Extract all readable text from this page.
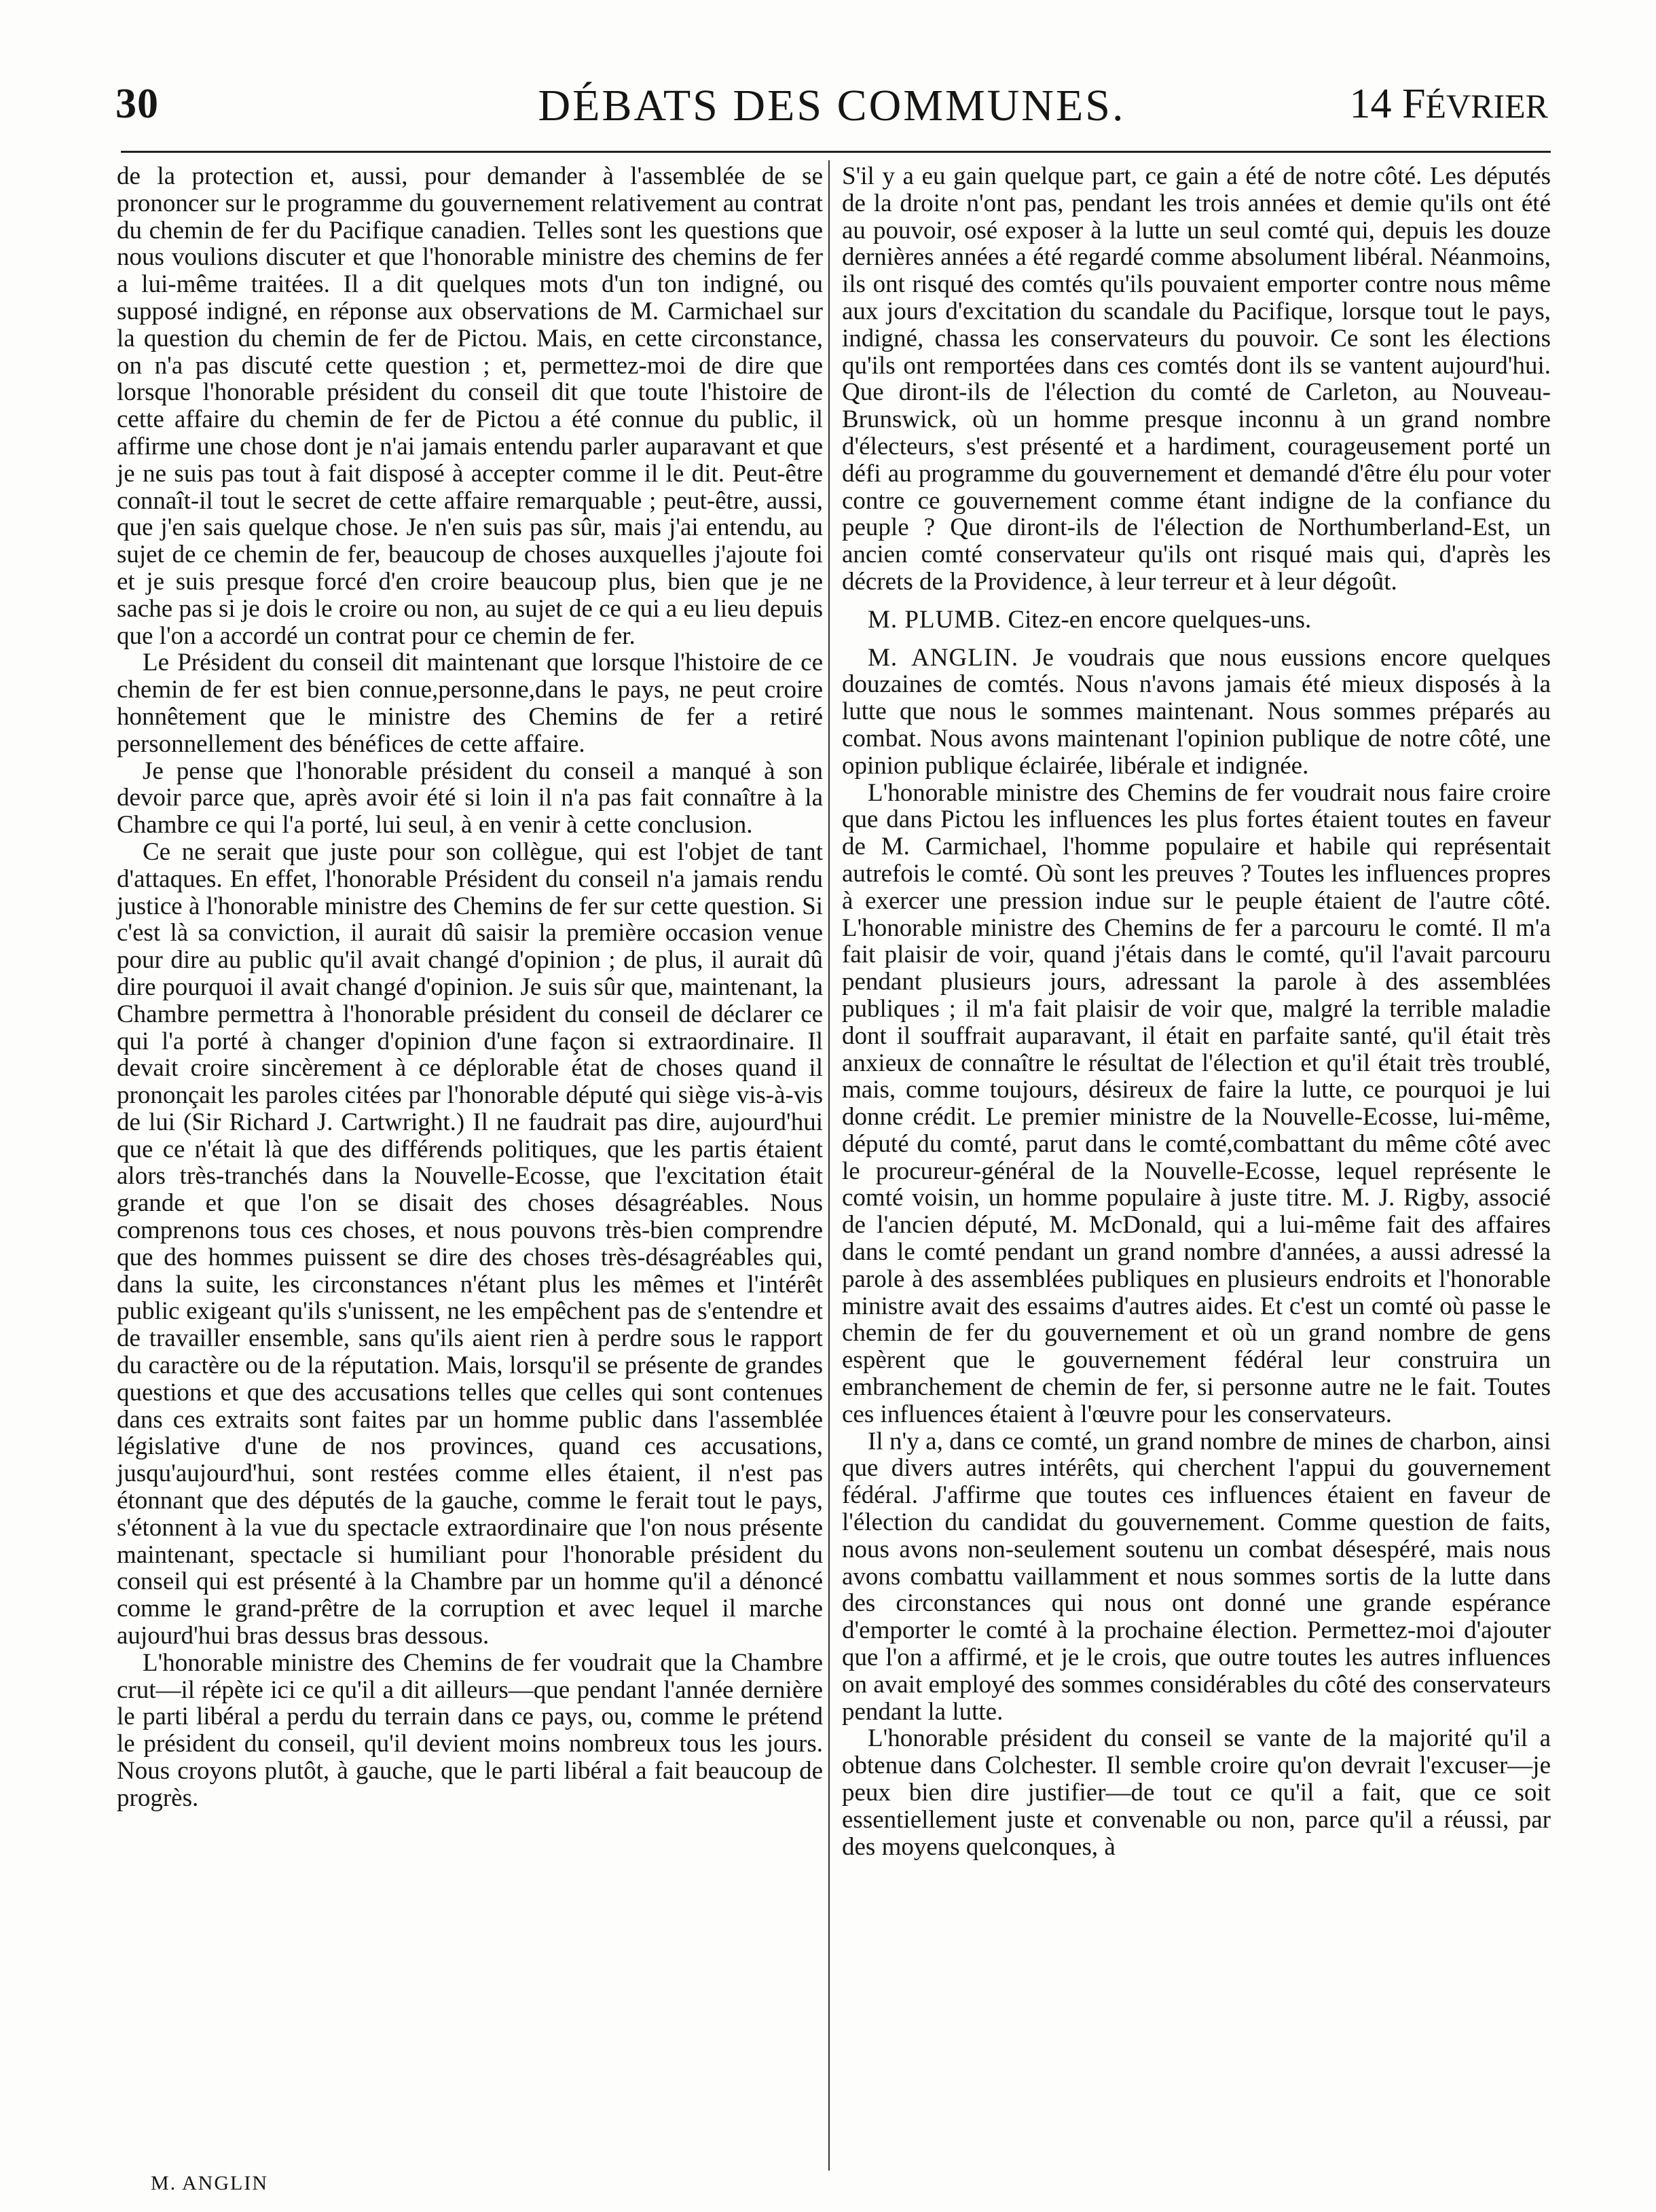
30	DÉBATS DES COMMUNES.	14 FÉVRIER

de la protection et, aussi, pour demander à l'assemblée de se prononcer sur le programme du gouvernement relativement au contrat du chemin de fer du Pacifique canadien. Telles sont les questions que nous voulions discuter et que l'honorable ministre des chemins de fer a lui-même traitées. Il a dit quelques mots d'un ton indigné, ou supposé indigné, en réponse aux observations de M. Carmichael sur la question du chemin de fer de Pictou. Mais, en cette circonstance, on n'a pas discuté cette question ; et, permettez-moi de dire que lorsque l'honorable président du conseil dit que toute l'histoire de cette affaire du chemin de fer de Pictou a été connue du public, il affirme une chose dont je n'ai jamais entendu parler auparavant et que je ne suis pas tout à fait disposé à accepter comme il le dit. Peut-être connaît-il tout le secret de cette affaire remarquable ; peut-être, aussi, que j'en sais quelque chose. Je n'en suis pas sûr, mais j'ai entendu, au sujet de ce chemin de fer, beaucoup de choses auxquelles j'ajoute foi et je suis presque forcé d'en croire beaucoup plus, bien que je ne sache pas si je dois le croire ou non, au sujet de ce qui a eu lieu depuis que l'on a accordé un contrat pour ce chemin de fer.

Le Président du conseil dit maintenant que lorsque l'histoire de ce chemin de fer est bien connue,personne,dans le pays, ne peut croire honnêtement que le ministre des Chemins de fer a retiré personnellement des bénéfices de cette affaire.

Je pense que l'honorable président du conseil a manqué à son devoir parce que, après avoir été si loin il n'a pas fait connaître à la Chambre ce qui l'a porté, lui seul, à en venir à cette conclusion.

Ce ne serait que juste pour son collègue, qui est l'objet de tant d'attaques. En effet, l'honorable Président du conseil n'a jamais rendu justice à l'honorable ministre des Chemins de fer sur cette question. Si c'est là sa conviction, il aurait dû saisir la première occasion venue pour dire au public qu'il avait changé d'opinion ; de plus, il aurait dû dire pourquoi il avait changé d'opinion. Je suis sûr que, maintenant, la Chambre permettra à l'honorable président du conseil de déclarer ce qui l'a porté à changer d'opinion d'une façon si extraordinaire. Il devait croire sincèrement à ce déplorable état de choses quand il prononçait les paroles citées par l'honorable député qui siège vis-à-vis de lui (Sir Richard J. Cartwright.) Il ne faudrait pas dire, aujourd'hui que ce n'était là que des différends politiques, que les partis étaient alors très-tranchés dans la Nouvelle-Ecosse, que l'excitation était grande et que l'on se disait des choses désagréables. Nous comprenons tous ces choses, et nous pouvons très-bien comprendre que des hommes puissent se dire des choses très-désagréables qui, dans la suite, les circonstances n'étant plus les mêmes et l'intérêt public exigeant qu'ils s'unissent, ne les empêchent pas de s'entendre et de travailler ensemble, sans qu'ils aient rien à perdre sous le rapport du caractère ou de la réputation. Mais, lorsqu'il se présente de grandes questions et que des accusations telles que celles qui sont contenues dans ces extraits sont faites par un homme public dans l'assemblée législative d'une de nos provinces, quand ces accusations, jusqu'aujourd'hui, sont restées comme elles étaient, il n'est pas étonnant que des députés de la gauche, comme le ferait tout le pays, s'étonnent à la vue du spectacle extraordinaire que l'on nous présente maintenant, spectacle si humiliant pour l'honorable président du conseil qui est présenté à la Chambre par un homme qu'il a dénoncé comme le grand-prêtre de la corruption et avec lequel il marche aujourd'hui bras dessus bras dessous.

L'honorable ministre des Chemins de fer voudrait que la Chambre crut—il répète ici ce qu'il a dit ailleurs—que pendant l'année dernière le parti libéral a perdu du terrain dans ce pays, ou, comme le prétend le président du conseil, qu'il devient moins nombreux tous les jours. Nous croyons plutôt, à gauche, que le parti libéral a fait beaucoup de progrès.

S'il y a eu gain quelque part, ce gain a été de notre côté. Les députés de la droite n'ont pas, pendant les trois années et demie qu'ils ont été au pouvoir, osé exposer à la lutte un seul comté qui, depuis les douze dernières années a été regardé comme absolument libéral. Néanmoins, ils ont risqué des comtés qu'ils pouvaient emporter contre nous même aux jours d'excitation du scandale du Pacifique, lorsque tout le pays, indigné, chassa les conservateurs du pouvoir. Ce sont les élections qu'ils ont remportées dans ces comtés dont ils se vantent aujourd'hui. Que diront-ils de l'élection du comté de Carleton, au Nouveau-Brunswick, où un homme presque inconnu à un grand nombre d'électeurs, s'est présenté et a hardiment, courageusement porté un défi au programme du gouvernement et demandé d'être élu pour voter contre ce gouvernement comme étant indigne de la confiance du peuple ? Que diront-ils de l'élection de Northumberland-Est, un ancien comté conservateur qu'ils ont risqué mais qui, d'après les décrets de la Providence, à leur terreur et à leur dégoût.

M. PLUMB. Citez-en encore quelques-uns.

M. ANGLIN. Je voudrais que nous eussions encore quelques douzaines de comtés. Nous n'avons jamais été mieux disposés à la lutte que nous le sommes maintenant. Nous sommes préparés au combat. Nous avons maintenant l'opinion publique de notre côté, une opinion publique éclairée, libérale et indignée.

L'honorable ministre des Chemins de fer voudrait nous faire croire que dans Pictou les influences les plus fortes étaient toutes en faveur de M. Carmichael, l'homme populaire et habile qui représentait autrefois le comté. Où sont les preuves ? Toutes les influences propres à exercer une pression indue sur le peuple étaient de l'autre côté. L'honorable ministre des Chemins de fer a parcouru le comté. Il m'a fait plaisir de voir, quand j'étais dans le comté, qu'il l'avait parcouru pendant plusieurs jours, adressant la parole à des assemblées publiques ; il m'a fait plaisir de voir que, malgré la terrible maladie dont il souffrait auparavant, il était en parfaite santé, qu'il était très anxieux de connaître le résultat de l'élection et qu'il était très troublé, mais, comme toujours, désireux de faire la lutte, ce pourquoi je lui donne crédit. Le premier ministre de la Nouvelle-Ecosse, lui-même, député du comté, parut dans le comté,combattant du même côté avec le procureur-général de la Nouvelle-Ecosse, lequel représente le comté voisin, un homme populaire à juste titre. M. J. Rigby, associé de l'ancien député, M. McDonald, qui a lui-même fait des affaires dans le comté pendant un grand nombre d'années, a aussi adressé la parole à des assemblées publiques en plusieurs endroits et l'honorable ministre avait des essaims d'autres aides. Et c'est un comté où passe le chemin de fer du gouvernement et où un grand nombre de gens espèrent que le gouvernement fédéral leur construira un embranchement de chemin de fer, si personne autre ne le fait. Toutes ces influences étaient à l'œuvre pour les conservateurs.

Il n'y a, dans ce comté, un grand nombre de mines de charbon, ainsi que divers autres intérêts, qui cherchent l'appui du gouvernement fédéral. J'affirme que toutes ces influences étaient en faveur de l'élection du candidat du gouvernement. Comme question de faits, nous avons non-seulement soutenu un combat désespéré, mais nous avons combattu vaillamment et nous sommes sortis de la lutte dans des circonstances qui nous ont donné une grande espérance d'emporter le comté à la prochaine élection. Permettez-moi d'ajouter que l'on a affirmé, et je le crois, que outre toutes les autres influences on avait employé des sommes considérables du côté des conservateurs pendant la lutte.

L'honorable président du conseil se vante de la majorité qu'il a obtenue dans Colchester. Il semble croire qu'on devrait l'excuser—je peux bien dire justifier—de tout ce qu'il a fait, que ce soit essentiellement juste et convenable ou non, parce qu'il a réussi, par des moyens quelconques, à

M. ANGLIN
